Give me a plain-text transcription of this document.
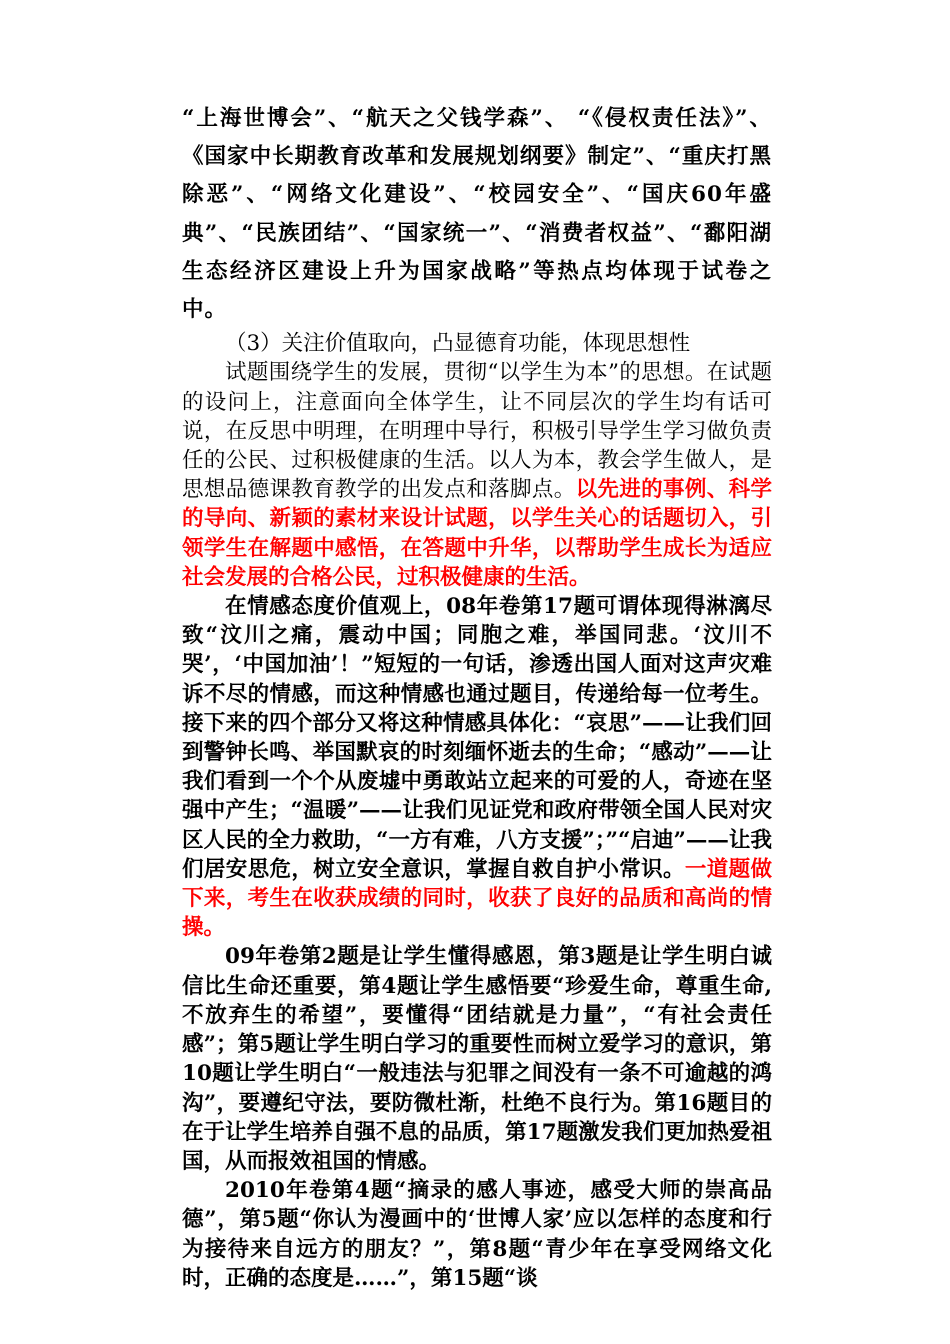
“上海世博会”、“航天之父钱学森”、 “《侵权责任法》”、《国家中长期教育改革和发展规划纲要》制定”、“重庆打黑除恶”、“网络文化建设”、“校园安全”、“国庆60年盛典”、“民族团结”、“国家统一”、“消费者权益”、“鄱阳湖生态经济区建设上升为国家战略”等热点均体现于试卷之中。

（3）关注价值取向，凸显德育功能，体现思想性

试题围绕学生的发展，贯彻“以学生为本”的思想。在试题的设问上，注意面向全体学生，让不同层次的学生均有话可说，在反思中明理，在明理中导行，积极引导学生学习做负责任的公民、过积极健康的生活。以人为本，教会学生做人，是思想品德课教育教学的出发点和落脚点。以先进的事例、科学的导向、新颖的素材来设计试题，以学生关心的话题切入，引领学生在解题中感悟，在答题中升华，以帮助学生成长为适应社会发展的合格公民，过积极健康的生活。

在情感态度价值观上，08年卷第17题可谓体现得淋漓尽致“汶川之痛，震动中国；同胞之难，举国同悲。‘汶川不哭’，‘中国加油’！”短短的一句话，渗透出国人面对这声灾难诉不尽的情感，而这种情感也通过题目，传递给每一位考生。接下来的四个部分又将这种情感具体化：“哀思”——让我们回到警钟长鸣、举国默哀的时刻缅怀逝去的生命；“感动”——让我们看到一个个从废墟中勇敢站立起来的可爱的人，奇迹在坚强中产生；“温暖”——让我们见证党和政府带领全国人民对灾区人民的全力救助，“一方有难，八方支援”；”“启迪”——让我们居安思危，树立安全意识，掌握自救自护小常识。一道题做下来，考生在收获成绩的同时，收获了良好的品质和高尚的情操。

09年卷第2题是让学生懂得感恩，第3题是让学生明白诚信比生命还重要，第4题让学生感悟要“珍爱生命，尊重生命,不放弃生的希望”，要懂得“团结就是力量”，“有社会责任感”；第5题让学生明白学习的重要性而树立爱学习的意识，第10题让学生明白“一般违法与犯罪之间没有一条不可逾越的鸿沟”，要遵纪守法，要防微杜渐，杜绝不良行为。第16题目的在于让学生培养自强不息的品质，第17题激发我们更加热爱祖国，从而报效祖国的情感。

2010年卷第4题“摘录的感人事迹，感受大师的崇高品德”，第5题“你认为漫画中的‘世博人家’应以怎样的态度和行为接待来自远方的朋友？”，第8题“青少年在享受网络文化时，正确的态度是……”，第15题“谈
